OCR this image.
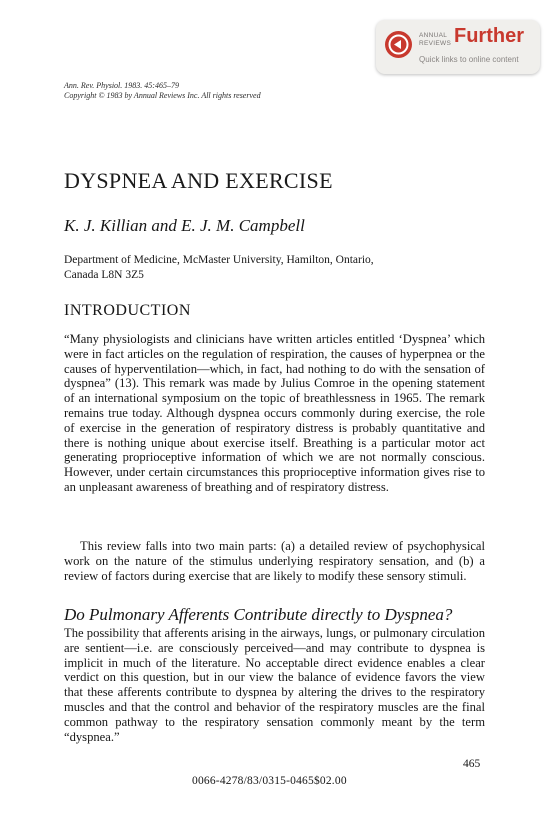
ANNUAL
REVIEWS Further
Quick links to online content
Ann. Rev. Physiol. 1983. 45:465–79
Copyright © 1983 by Annual Reviews Inc. All rights reserved
DYSPNEA AND EXERCISE
K. J. Killian and E. J. M. Campbell
Department of Medicine, McMaster University, Hamilton, Ontario,
Canada L8N 3Z5
INTRODUCTION

“Many physiologists and clinicians have written articles entitled ‘Dyspnea’ which were in fact articles on the regulation of respiration, the causes of hyperpnea or the causes of hyperventilation—which, in fact, had nothing to do with the sensation of dyspnea” (13). This remark was made by Julius Comroe in the opening statement of an international symposium on the topic of breathlessness in 1965. The remark remains true today. Although dyspnea occurs commonly during exercise, the role of exercise in the generation of respiratory distress is probably quantitative and there is nothing unique about exercise itself. Breathing is a particular motor act generating proprioceptive information of which we are not normally conscious. However, under certain circumstances this proprioceptive information gives rise to an unpleasant awareness of breathing and of respiratory distress.

This review falls into two main parts: (a) a detailed review of psychophysical work on the nature of the stimulus underlying respiratory sensation, and (b) a review of factors during exercise that are likely to modify these sensory stimuli.

Do Pulmonary Afferents Contribute directly to Dyspnea?

The possibility that afferents arising in the airways, lungs, or pulmonary circulation are sentient—i.e. are consciously perceived—and may contribute to dyspnea is implicit in much of the literature. No acceptable direct evidence enables a clear verdict on this question, but in our view the balance of evidence favors the view that these afferents contribute to dyspnea by altering the drives to the respiratory muscles and that the control and behavior of the respiratory muscles are the final common pathway to the respiratory sensation commonly meant by the term “dyspnea.”

465
0066-4278/83/0315-0465$02.00
